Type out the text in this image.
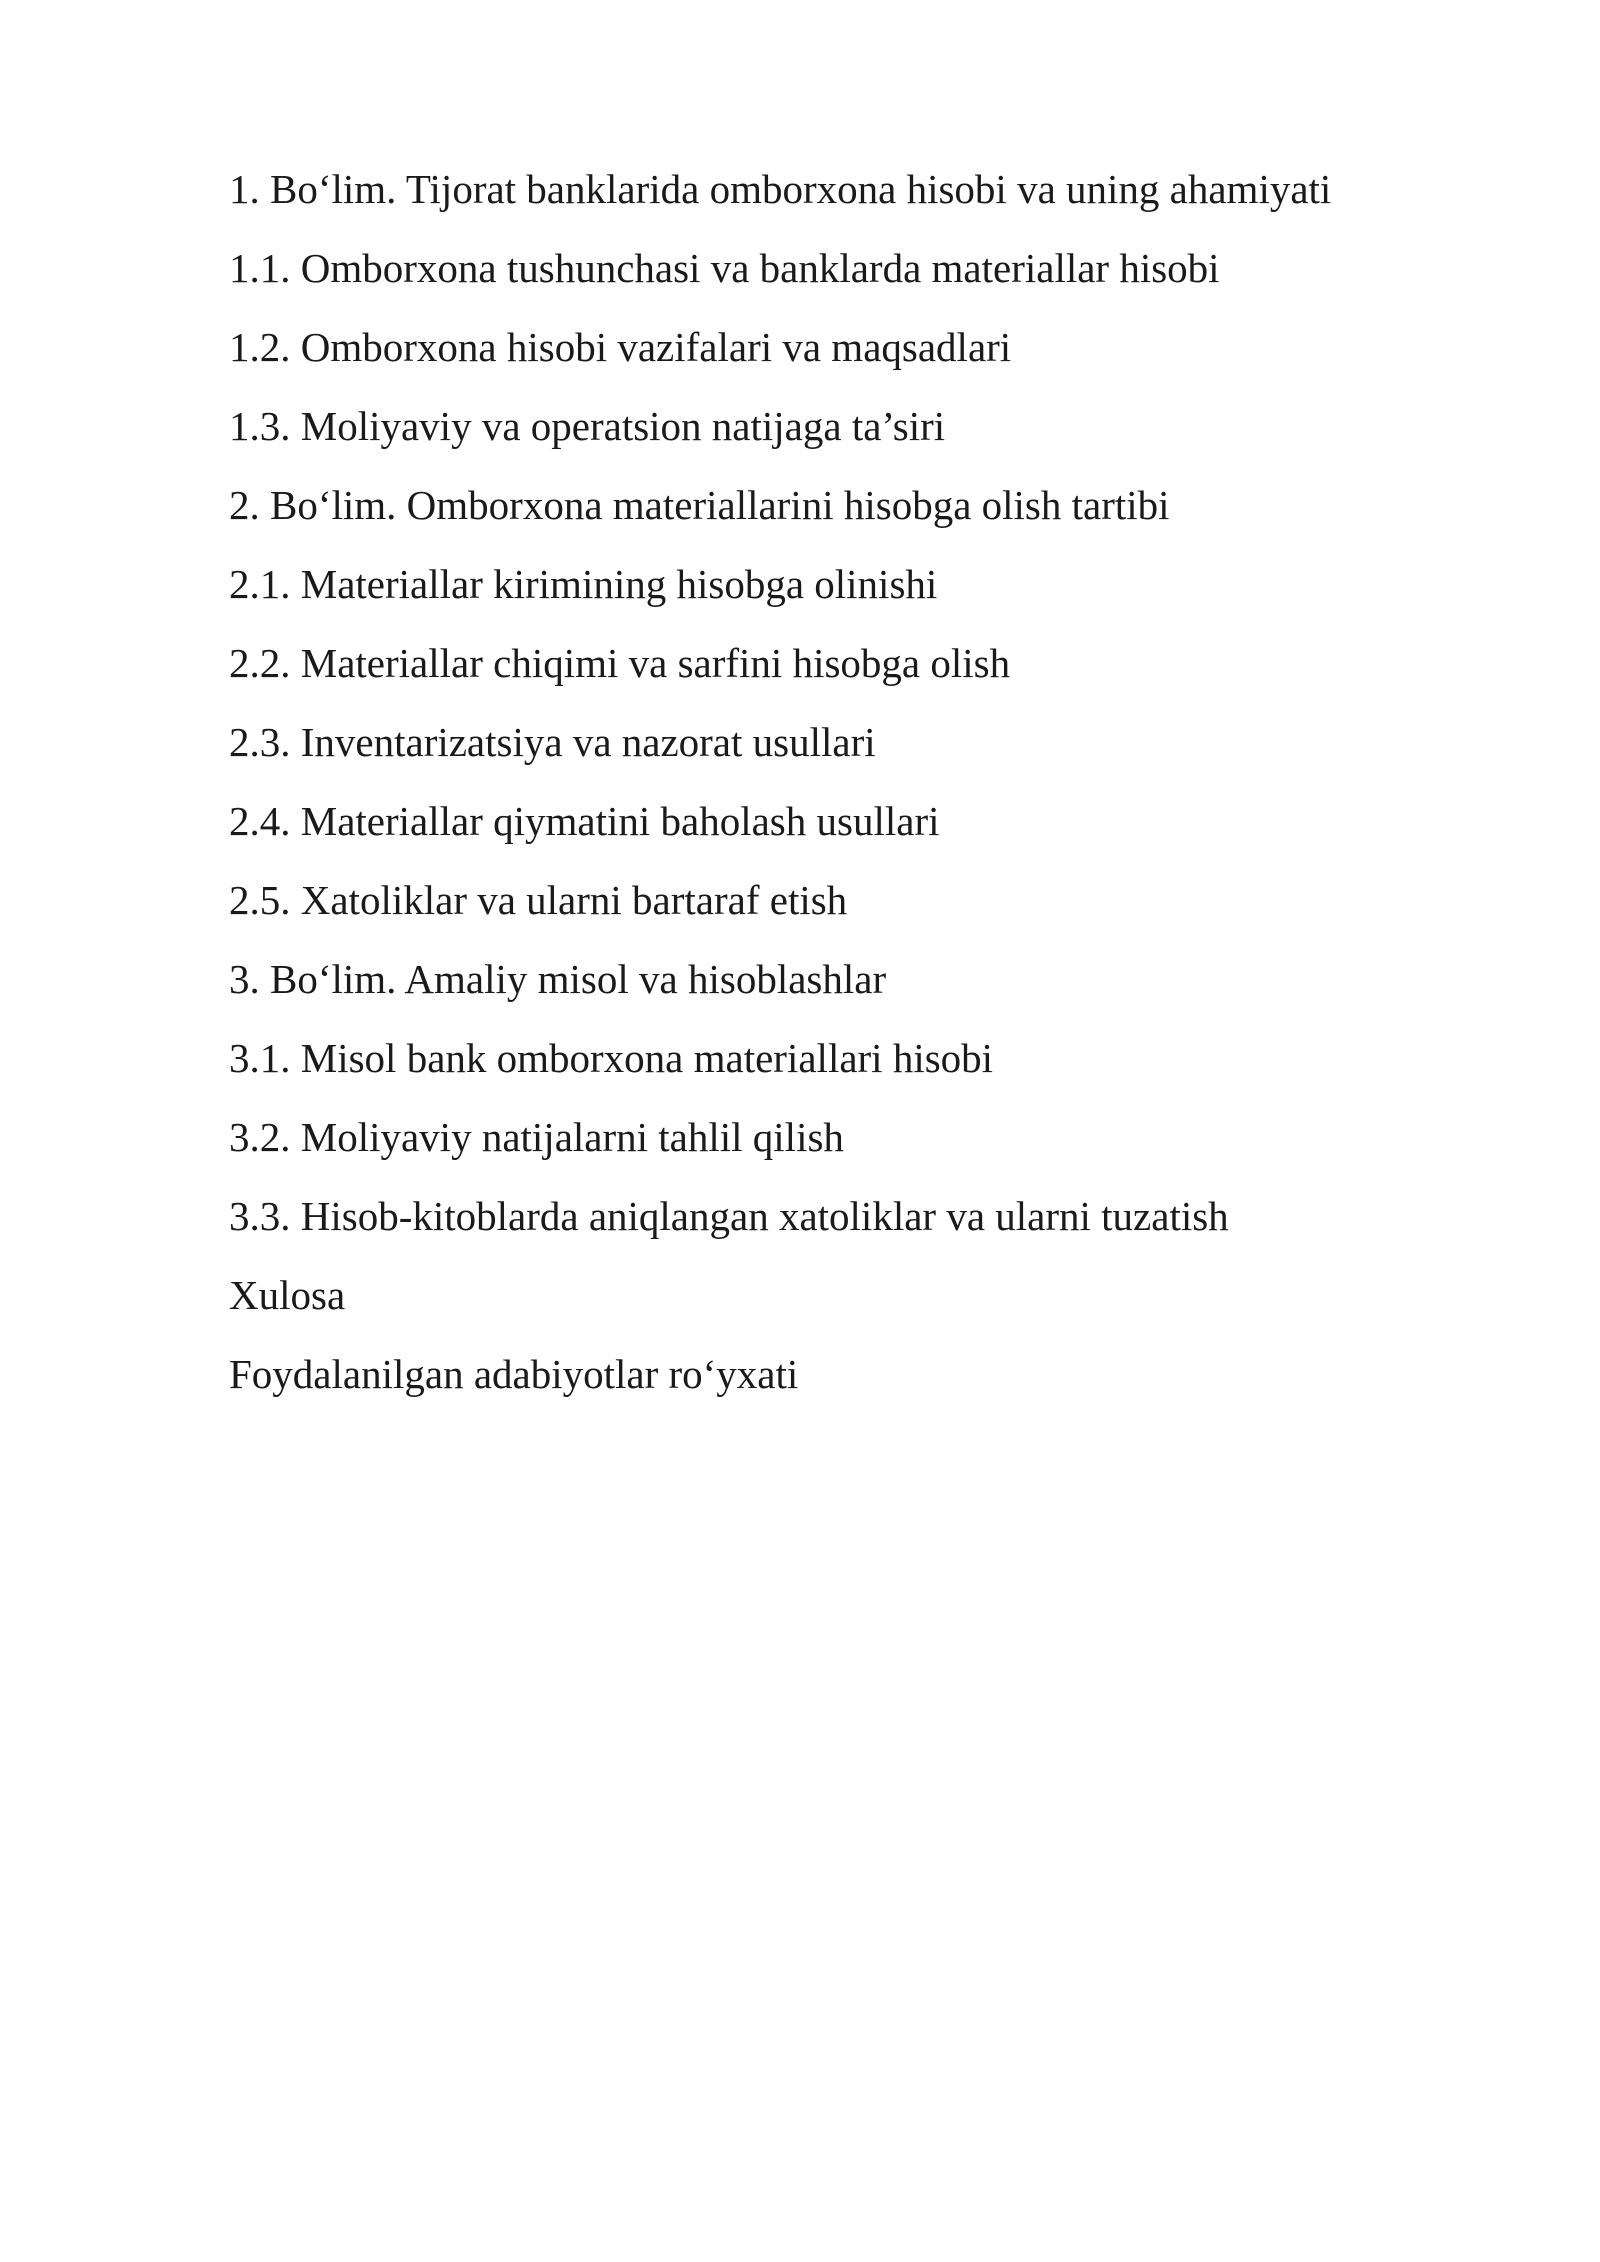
1. Bo‘lim. Tijorat banklarida omborxona hisobi va uning ahamiyati
1.1. Omborxona tushunchasi va banklarda materiallar hisobi
1.2. Omborxona hisobi vazifalari va maqsadlari
1.3. Moliyaviy va operatsion natijaga ta’siri
2. Bo‘lim. Omborxona materiallarini hisobga olish tartibi
2.1. Materiallar kirimining hisobga olinishi
2.2. Materiallar chiqimi va sarfini hisobga olish
2.3. Inventarizatsiya va nazorat usullari
2.4. Materiallar qiymatini baholash usullari
2.5. Xatoliklar va ularni bartaraf etish
3. Bo‘lim. Amaliy misol va hisoblashlar
3.1. Misol bank omborxona materiallari hisobi
3.2. Moliyaviy natijalarni tahlil qilish
3.3. Hisob-kitoblarda aniqlangan xatoliklar va ularni tuzatish
Xulosa
Foydalanilgan adabiyotlar ro‘yxati
